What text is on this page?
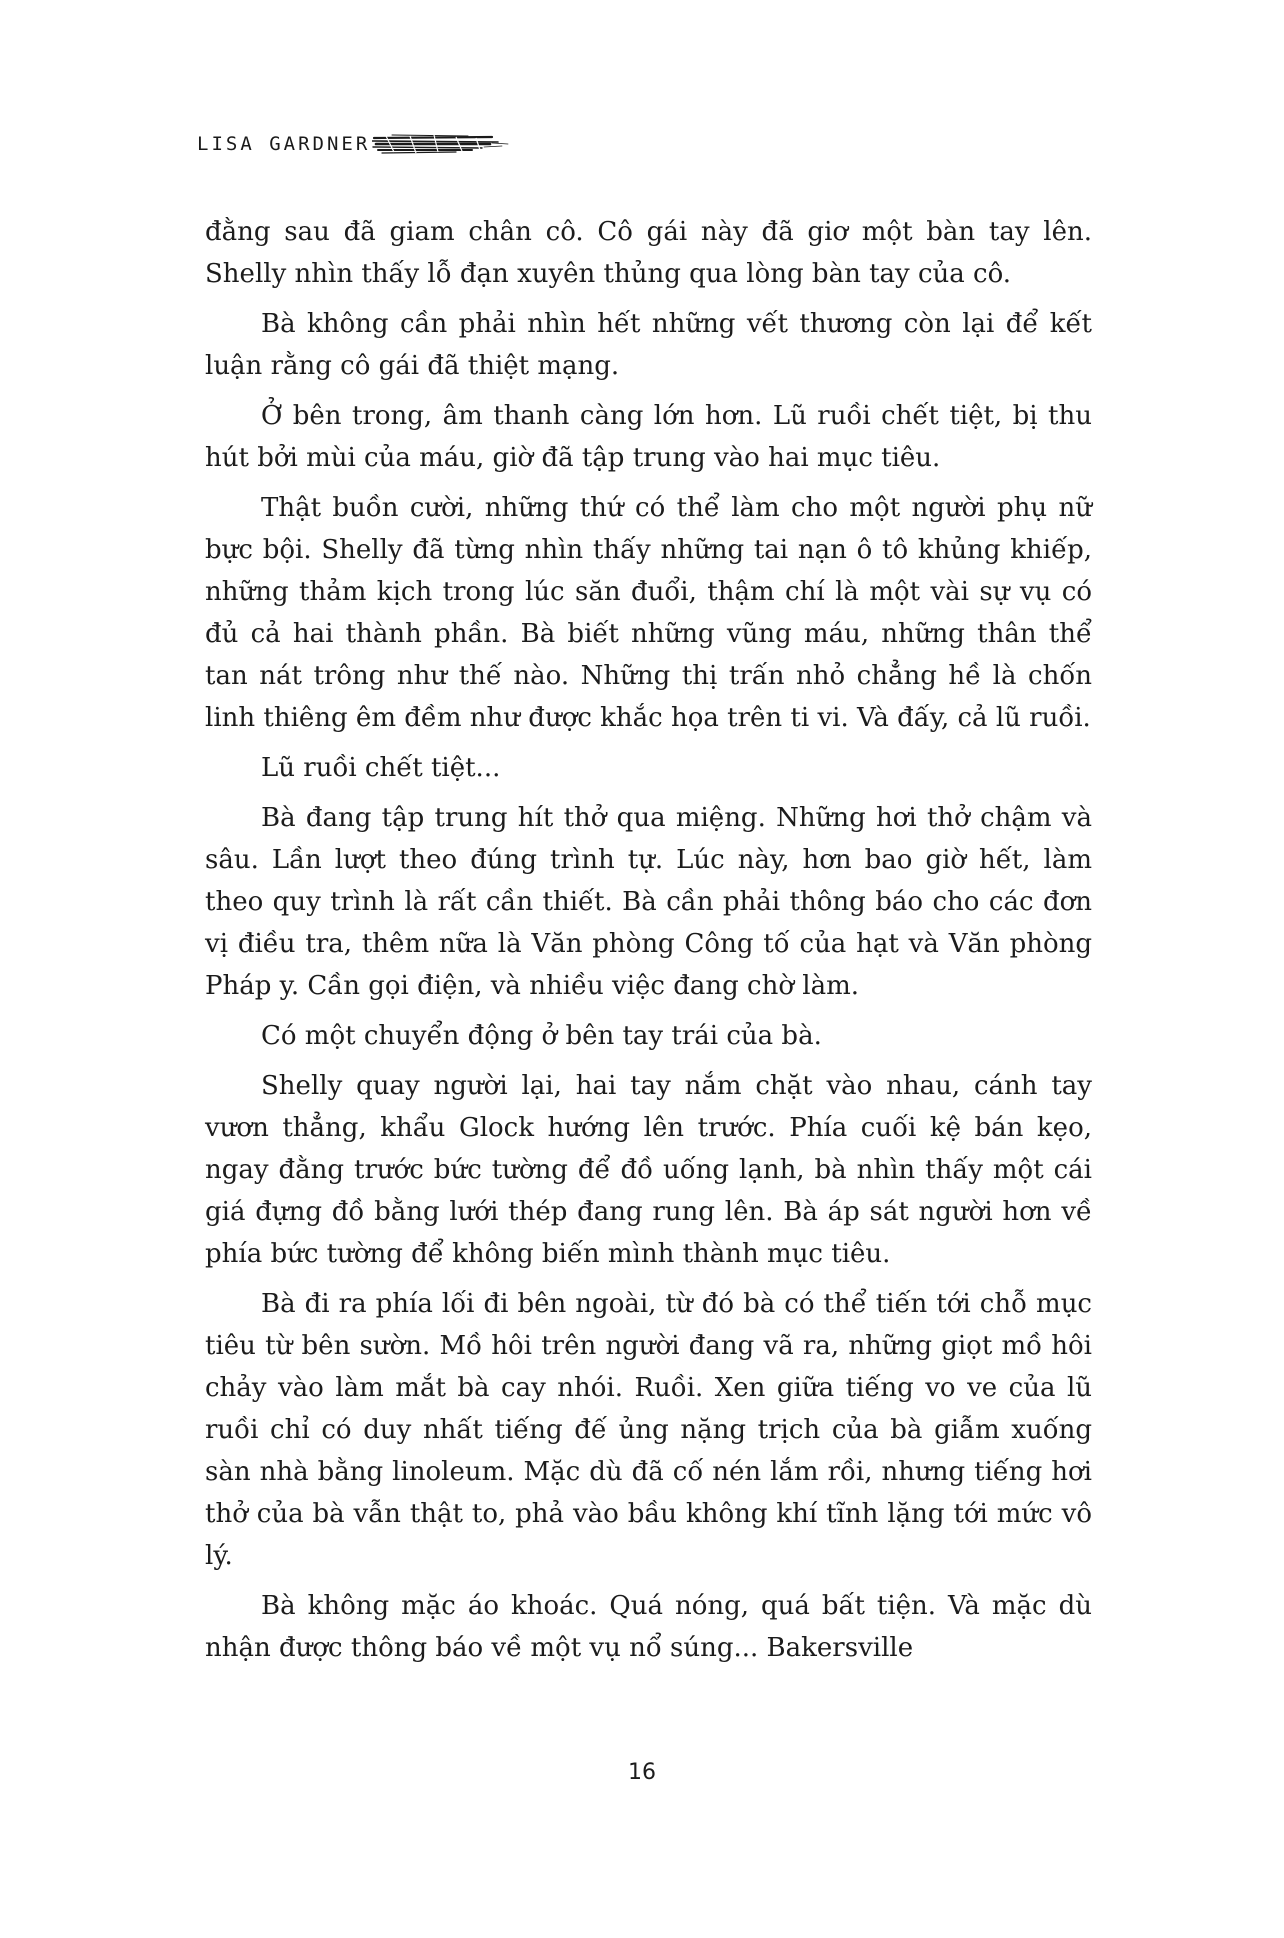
LISA GARDNER

đằng sau đã giam chân cô. Cô gái này đã giơ một bàn tay lên. Shelly nhìn thấy lỗ đạn xuyên thủng qua lòng bàn tay của cô.

Bà không cần phải nhìn hết những vết thương còn lại để kết luận rằng cô gái đã thiệt mạng.

Ở bên trong, âm thanh càng lớn hơn. Lũ ruồi chết tiệt, bị thu hút bởi mùi của máu, giờ đã tập trung vào hai mục tiêu.

Thật buồn cười, những thứ có thể làm cho một người phụ nữ bực bội. Shelly đã từng nhìn thấy những tai nạn ô tô khủng khiếp, những thảm kịch trong lúc săn đuổi, thậm chí là một vài sự vụ có đủ cả hai thành phần. Bà biết những vũng máu, những thân thể tan nát trông như thế nào. Những thị trấn nhỏ chẳng hề là chốn linh thiêng êm đềm như được khắc họa trên ti vi. Và đấy, cả lũ ruồi.

Lũ ruồi chết tiệt...

Bà đang tập trung hít thở qua miệng. Những hơi thở chậm và sâu. Lần lượt theo đúng trình tự. Lúc này, hơn bao giờ hết, làm theo quy trình là rất cần thiết. Bà cần phải thông báo cho các đơn vị điều tra, thêm nữa là Văn phòng Công tố của hạt và Văn phòng Pháp y. Cần gọi điện, và nhiều việc đang chờ làm.

Có một chuyển động ở bên tay trái của bà.

Shelly quay người lại, hai tay nắm chặt vào nhau, cánh tay vươn thẳng, khẩu Glock hướng lên trước. Phía cuối kệ bán kẹo, ngay đằng trước bức tường để đồ uống lạnh, bà nhìn thấy một cái giá đựng đồ bằng lưới thép đang rung lên. Bà áp sát người hơn về phía bức tường để không biến mình thành mục tiêu.

Bà đi ra phía lối đi bên ngoài, từ đó bà có thể tiến tới chỗ mục tiêu từ bên sườn. Mồ hôi trên người đang vã ra, những giọt mồ hôi chảy vào làm mắt bà cay nhói. Ruồi. Xen giữa tiếng vo ve của lũ ruồi chỉ có duy nhất tiếng đế ủng nặng trịch của bà giẫm xuống sàn nhà bằng linoleum. Mặc dù đã cố nén lắm rồi, nhưng tiếng hơi thở của bà vẫn thật to, phả vào bầu không khí tĩnh lặng tới mức vô lý.

Bà không mặc áo khoác. Quá nóng, quá bất tiện. Và mặc dù nhận được thông báo về một vụ nổ súng... Bakersville

16
